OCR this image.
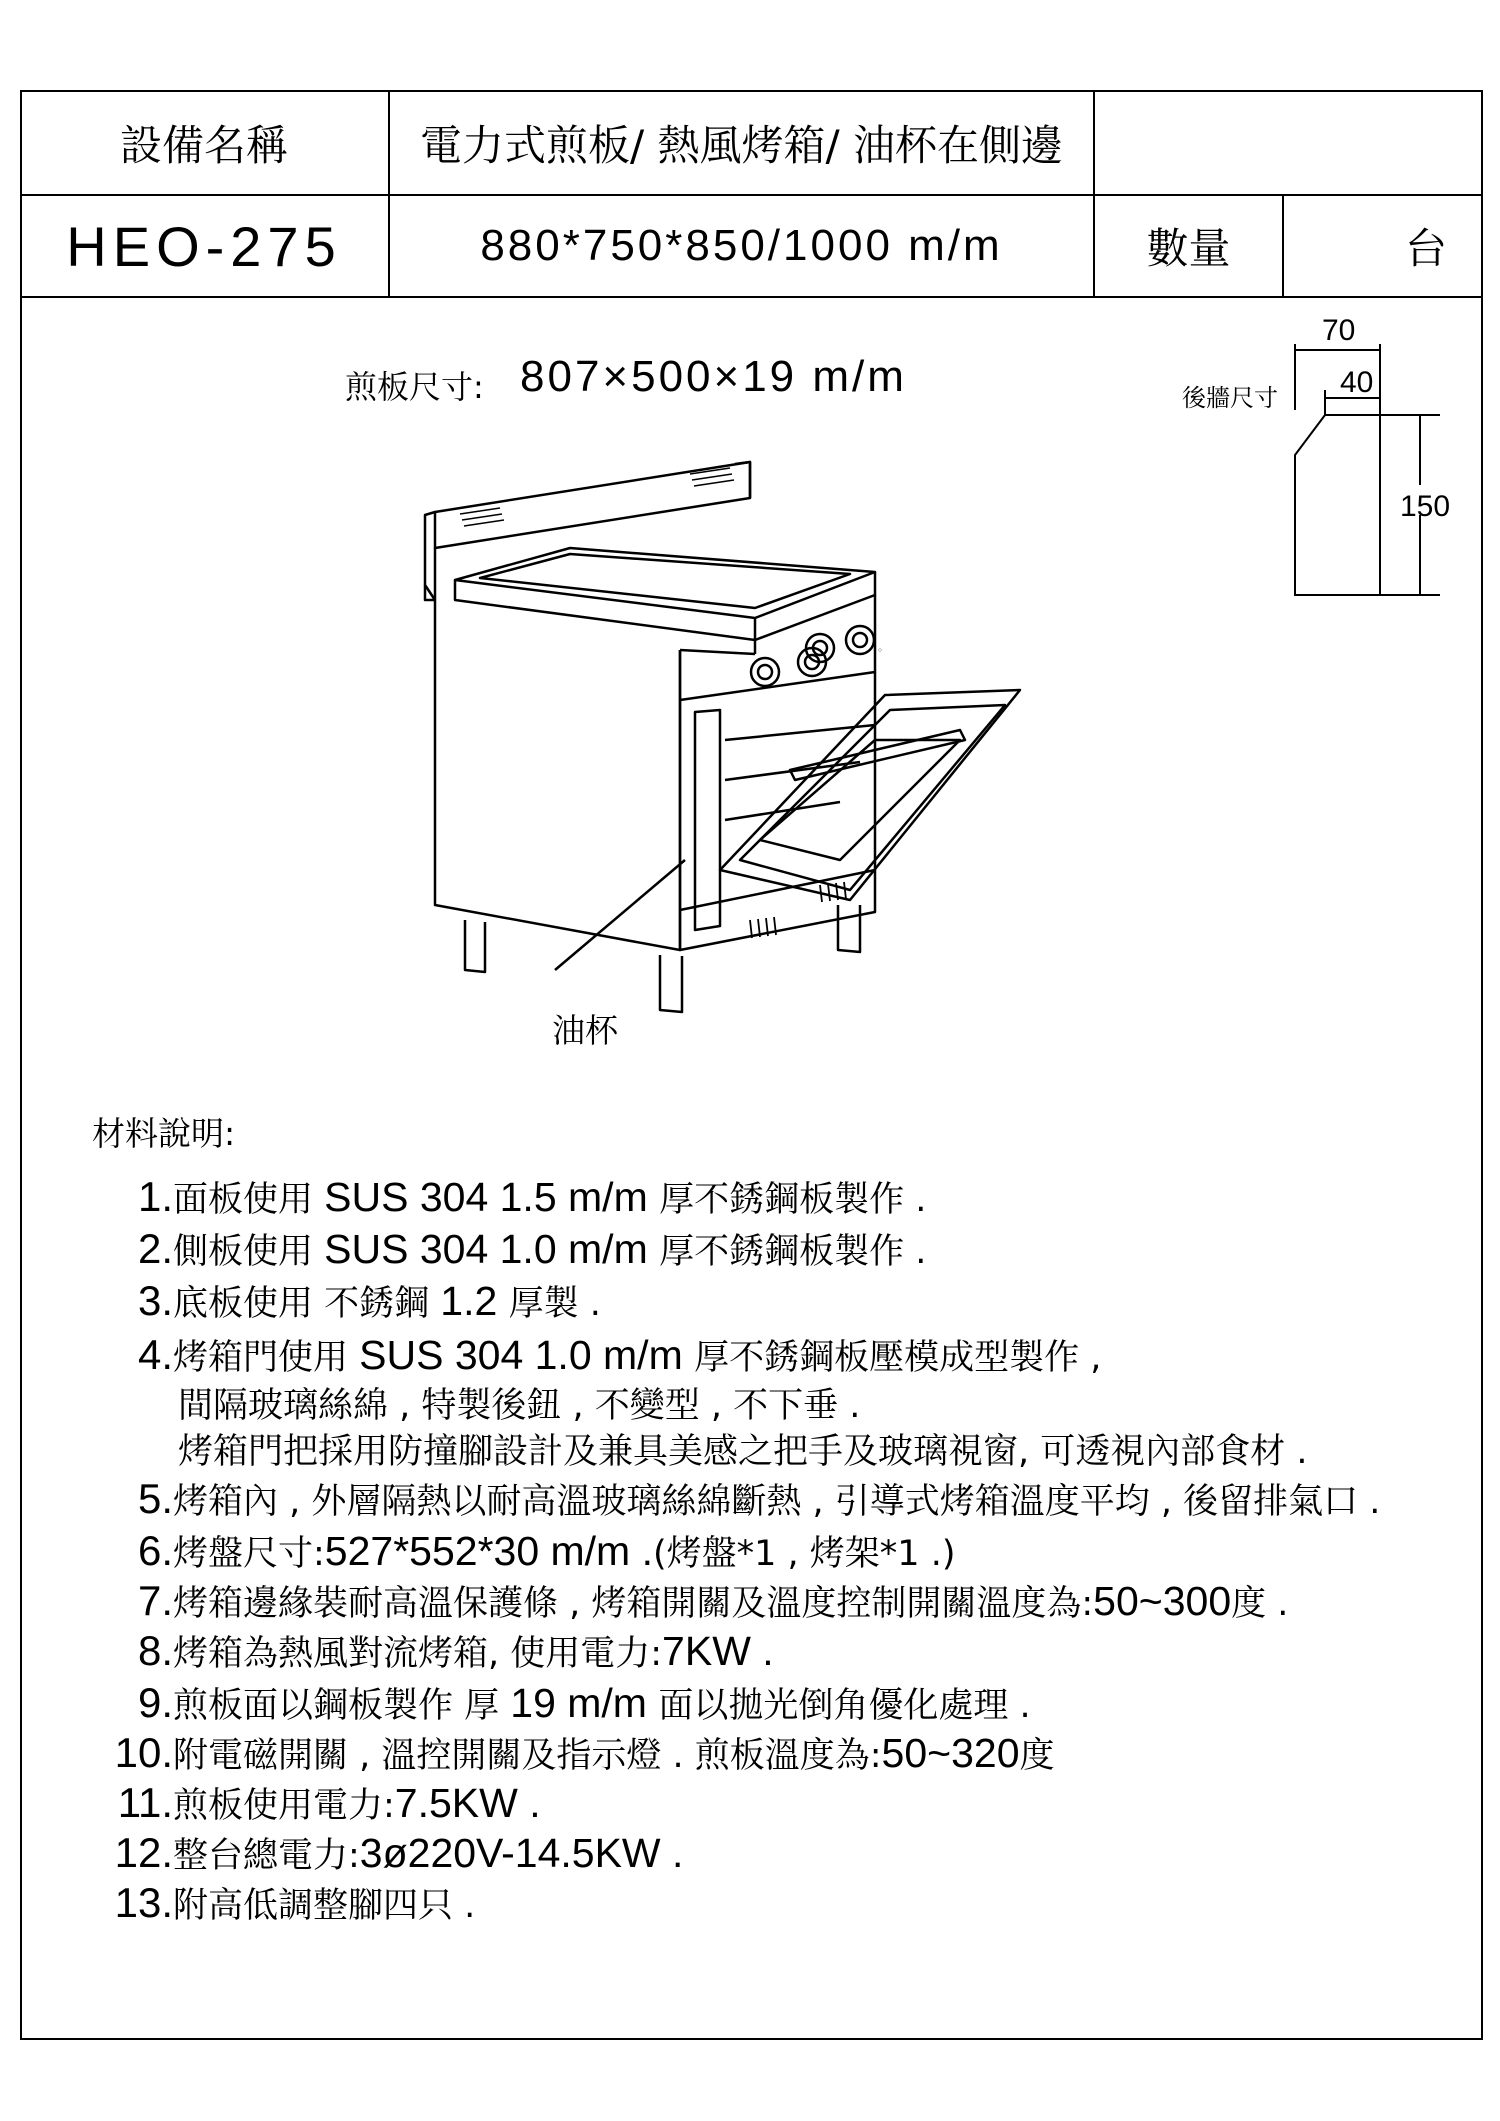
設備名稱	電力式煎板/ 熱風烤箱/ 油杯在側邊
HEO-275	880*750*850/1000 m/m	數量	台
煎板尺寸: 807×500×19 m/m	後牆尺寸
70
40
150
油杯
材料說明:
1.面板使用 SUS 304 1.5 m/m 厚不銹鋼板製作 .
2.側板使用 SUS 304 1.0 m/m 厚不銹鋼板製作 .
3.底板使用 不銹鋼 1.2 厚製 .
4.烤箱門使用 SUS 304 1.0 m/m 厚不銹鋼板壓模成型製作 ,
間隔玻璃絲綿 , 特製後鈕 , 不變型 , 不下垂 .
烤箱門把採用防撞腳設計及兼具美感之把手及玻璃視窗, 可透視內部食材 .
5.烤箱內 , 外層隔熱以耐高溫玻璃絲綿斷熱 , 引導式烤箱溫度平均 , 後留排氣口 .
6.烤盤尺寸:527*552*30 m/m .(烤盤*1 , 烤架*1 .)
7.烤箱邊緣裝耐高溫保護條 , 烤箱開關及溫度控制開關溫度為:50~300度 .
8.烤箱為熱風對流烤箱, 使用電力:7KW .
9.煎板面以鋼板製作 厚 19 m/m 面以拋光倒角優化處理 .
10.附電磁開關 , 溫控開關及指示燈 . 煎板溫度為:50~320度
11.煎板使用電力:7.5KW .
12.整台總電力:3ø220V-14.5KW .
13.附高低調整腳四只 .
